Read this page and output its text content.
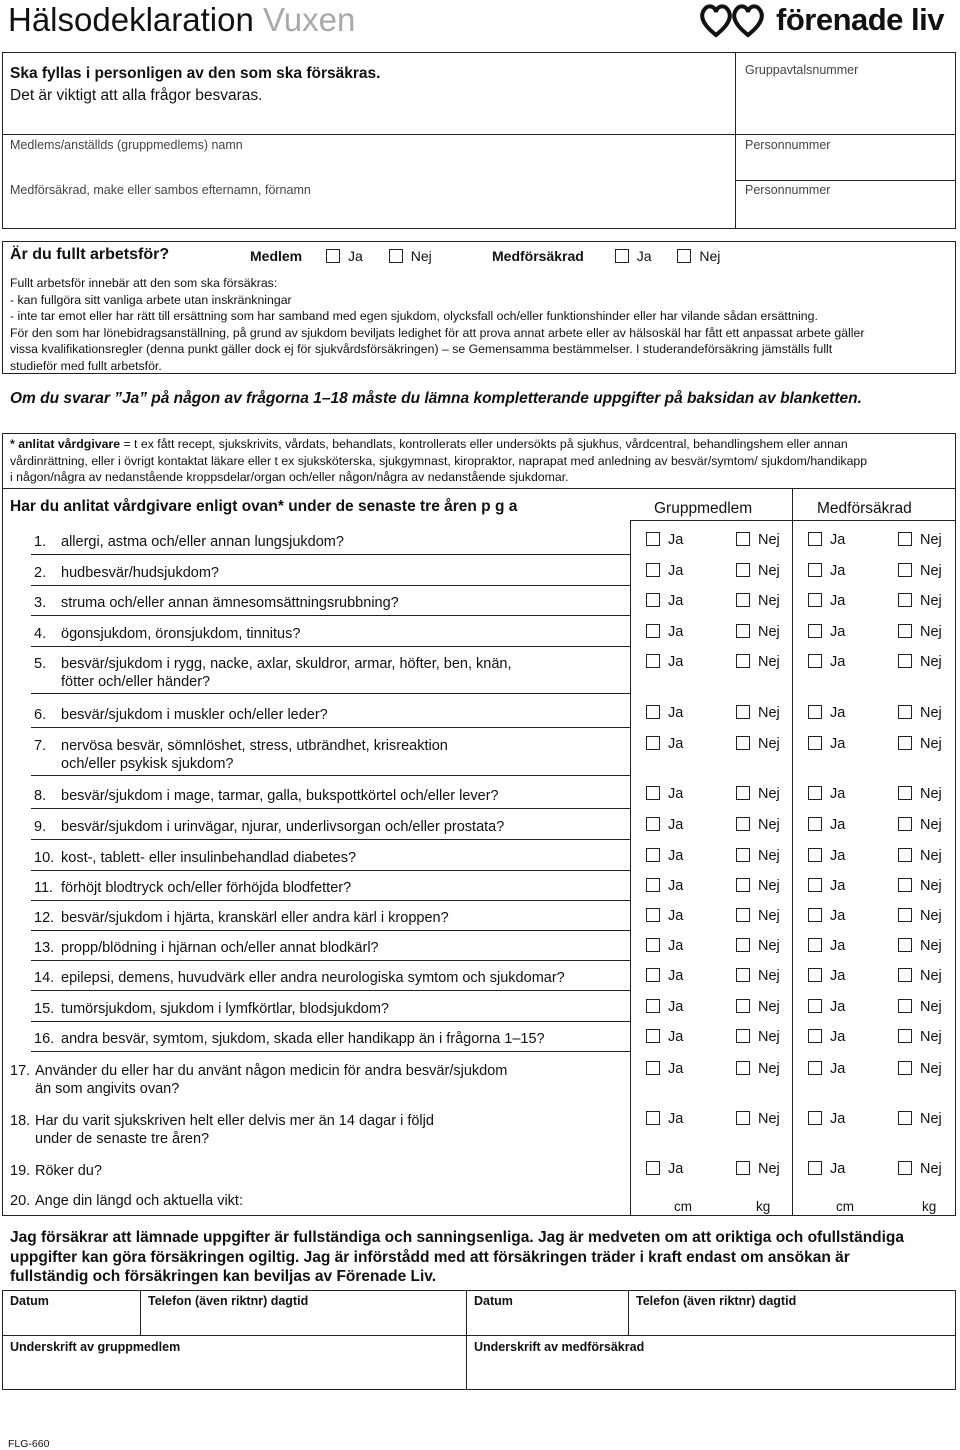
Hälsodeklaration Vuxen	förenade liv
Ska fyllas i personligen av den som ska försäkras.
Det är viktigt att alla frågor besvaras.
Gruppavtalsnummer
Medlems/anställds (gruppmedlems) namn	Personnummer
Medförsäkrad, make eller sambos efternamn, förnamn	Personnummer
Är du fullt arbetsför?	Medlem	Ja	Nej	Medförsäkrad	Ja	Nej
Fullt arbetsför innebär att den som ska försäkras:
- kan fullgöra sitt vanliga arbete utan inskränkningar
- inte tar emot eller har rätt till ersättning som har samband med egen sjukdom, olycksfall och/eller funktionshinder eller har vilande sådan ersättning.
För den som har lönebidragsanställning, på grund av sjukdom beviljats ledighet för att prova annat arbete eller av hälsoskäl har fått ett anpassat arbete gäller
vissa kvalifikationsregler (denna punkt gäller dock ej för sjukvårdsförsäkringen) – se Gemensamma bestämmelser. I studerandeförsäkring jämställs fullt
studieför med fullt arbetsför.
Om du svarar ”Ja” på någon av frågorna 1–18 måste du lämna kompletterande uppgifter på baksidan av blanketten.
* anlitat vårdgivare = t ex fått recept, sjukskrivits, vårdats, behandlats, kontrollerats eller undersökts på sjukhus, vårdcentral, behandlingshem eller annan
vårdinrättning, eller i övrigt kontaktat läkare eller t ex sjuksköterska, sjukgymnast, kiropraktor, naprapat med anledning av besvär/symtom/ sjukdom/handikapp
i någon/några av nedanstående kroppsdelar/organ och/eller någon/några av nedanstående sjukdomar.
Har du anlitat vårdgivare enligt ovan* under de senaste tre åren p g a	Gruppmedlem	Medförsäkrad
1. allergi, astma och/eller annan lungsjukdom?	Ja	Nej	Ja	Nej
2. hudbesvär/hudsjukdom?	Ja	Nej	Ja	Nej
3. struma och/eller annan ämnesomsättningsrubbning?	Ja	Nej	Ja	Nej
4. ögonsjukdom, öronsjukdom, tinnitus?	Ja	Nej	Ja	Nej
5. besvär/sjukdom i rygg, nacke, axlar, skuldror, armar, höfter, ben, knän,
fötter och/eller händer?
Ja	Nej	Ja	Nej
6. besvär/sjukdom i muskler och/eller leder?	Ja	Nej	Ja	Nej
7. nervösa besvär, sömnlöshet, stress, utbrändhet, krisreaktion
och/eller psykisk sjukdom?
Ja	Nej	Ja	Nej
8. besvär/sjukdom i mage, tarmar, galla, bukspottkörtel och/eller lever?	Ja	Nej	Ja	Nej
9. besvär/sjukdom i urinvägar, njurar, underlivsorgan och/eller prostata?	Ja	Nej	Ja	Nej
10. kost-, tablett- eller insulinbehandlad diabetes?	Ja	Nej	Ja	Nej
11. förhöjt blodtryck och/eller förhöjda blodfetter?	Ja	Nej	Ja	Nej
12. besvär/sjukdom i hjärta, kranskärl eller andra kärl i kroppen?	Ja	Nej	Ja	Nej
13. propp/blödning i hjärnan och/eller annat blodkärl?	Ja	Nej	Ja	Nej
14. epilepsi, demens, huvudvärk eller andra neurologiska symtom och sjukdomar?	Ja	Nej	Ja	Nej
15. tumörsjukdom, sjukdom i lymfkörtlar, blodsjukdom?	Ja	Nej	Ja	Nej
16. andra besvär, symtom, sjukdom, skada eller handikapp än i frågorna 1–15?	Ja	Nej	Ja	Nej
17. Använder du eller har du använt någon medicin för andra besvär/sjukdom
än som angivits ovan?
Ja	Nej	Ja	Nej
18. Har du varit sjukskriven helt eller delvis mer än 14 dagar i följd
under de senaste tre åren?
Ja	Nej	Ja	Nej
19. Röker du?	Ja	Nej	Ja	Nej
20. Ange din längd och aktuella vikt:	cm	kg	cm	kg
Jag försäkrar att lämnade uppgifter är fullständiga och sanningsenliga. Jag är medveten om att oriktiga och ofullständiga
uppgifter kan göra försäkringen ogiltig. Jag är införstådd med att försäkringen träder i kraft endast om ansökan är
fullständig och försäkringen kan beviljas av Förenade Liv.
Datum	Telefon (även riktnr) dagtid	Datum	Telefon (även riktnr) dagtid
Underskrift av gruppmedlem	Underskrift av medförsäkrad
FLG-660
